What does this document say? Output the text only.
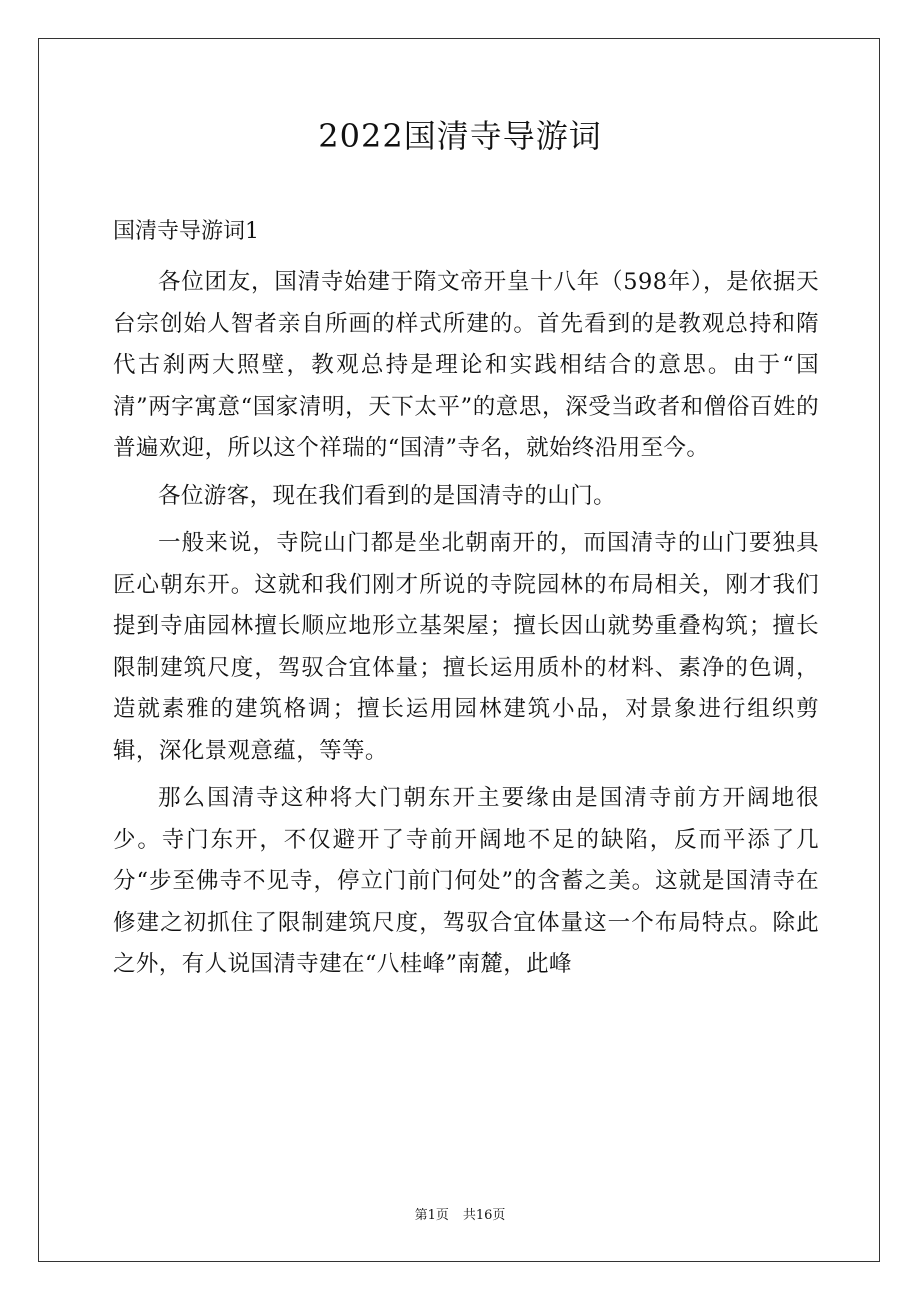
2022国清寺导游词
国清寺导游词1

各位团友，国清寺始建于隋文帝开皇十八年（598年），是依据天台宗创始人智者亲自所画的样式所建的。首先看到的是教观总持和隋代古刹两大照壁，教观总持是理论和实践相结合的意思。由于“国清”两字寓意“国家清明，天下太平”的意思，深受当政者和僧俗百姓的普遍欢迎，所以这个祥瑞的“国清”寺名，就始终沿用至今。

各位游客，现在我们看到的是国清寺的山门。

一般来说，寺院山门都是坐北朝南开的，而国清寺的山门要独具匠心朝东开。这就和我们刚才所说的寺院园林的布局相关，刚才我们提到寺庙园林擅长顺应地形立基架屋；擅长因山就势重叠构筑；擅长限制建筑尺度，驾驭合宜体量；擅长运用质朴的材料、素净的色调，造就素雅的建筑格调；擅长运用园林建筑小品，对景象进行组织剪辑，深化景观意蕴，等等。

那么国清寺这种将大门朝东开主要缘由是国清寺前方开阔地很少。寺门东开，不仅避开了寺前开阔地不足的缺陷，反而平添了几分“步至佛寺不见寺，停立门前门何处”的含蓄之美。这就是国清寺在修建之初抓住了限制建筑尺度，驾驭合宜体量这一个布局特点。除此之外，有人说国清寺建在“八桂峰”南麓，此峰

第1页 共16页
